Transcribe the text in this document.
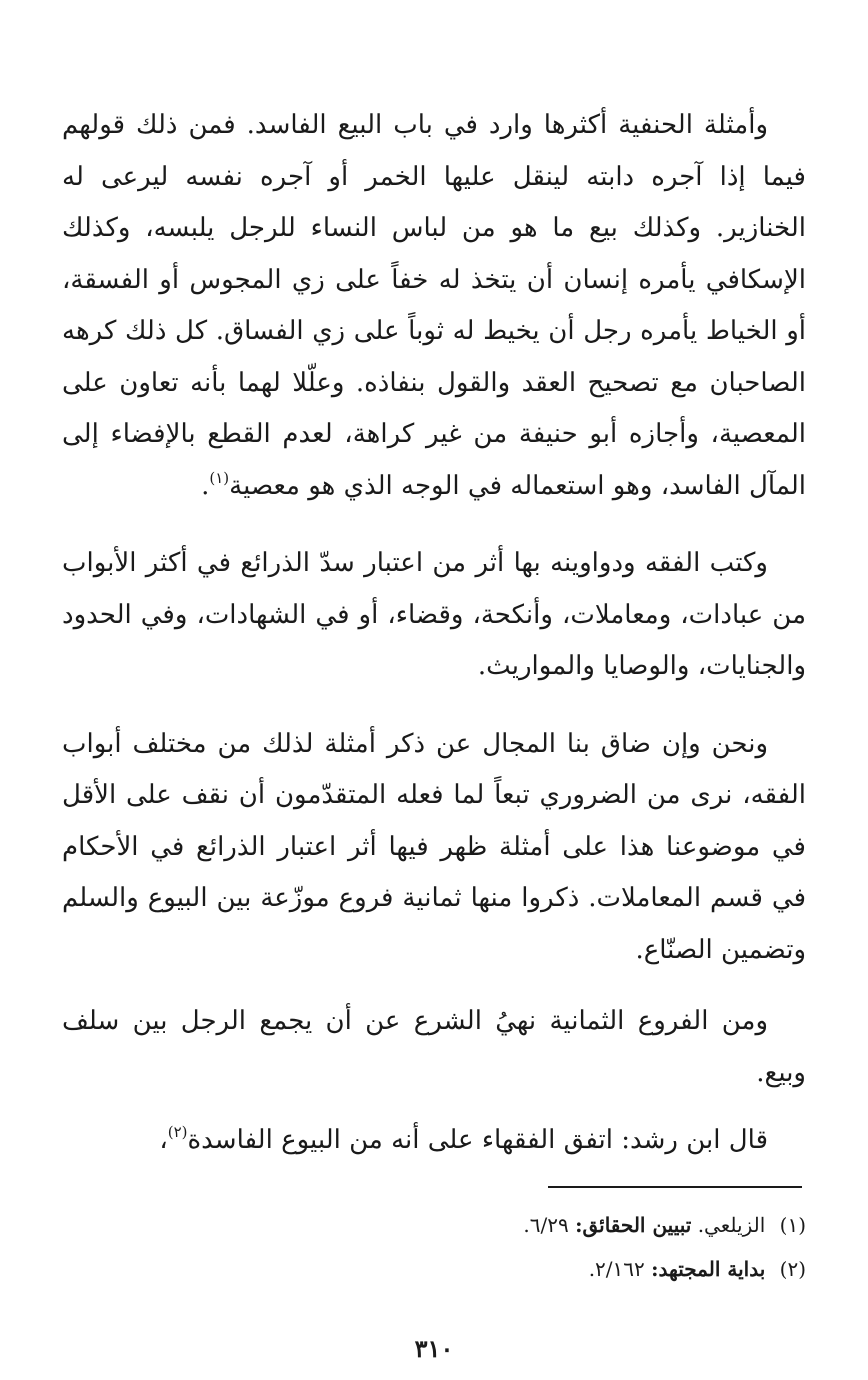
وأمثلة الحنفية أكثرها وارد في باب البيع الفاسد. فمن ذلك قولهم فيما إذا آجره دابته لينقل عليها الخمر أو آجره نفسه ليرعى له الخنازير. وكذلك بيع ما هو من لباس النساء للرجل يلبسه، وكذلك الإسكافي يأمره إنسان أن يتخذ له خفاً على زي المجوس أو الفسقة، أو الخياط يأمره رجل أن يخيط له ثوباً على زي الفساق. كل ذلك كرهه الصاحبان مع تصحيح العقد والقول بنفاذه. وعلّلا لهما بأنه تعاون على المعصية، وأجازه أبو حنيفة من غير كراهة، لعدم القطع بالإفضاء إلى المآل الفاسد، وهو استعماله في الوجه الذي هو معصية$^{(١)}$.

وكتب الفقه ودواوينه بها أثر من اعتبار سدّ الذرائع في أكثر الأبواب من عبادات، ومعاملات، وأنكحة، وقضاء، أو في الشهادات، وفي الحدود والجنايات، والوصايا والمواريث.

ونحن وإن ضاق بنا المجال عن ذكر أمثلة لذلك من مختلف أبواب الفقه، نرى من الضروري تبعاً لما فعله المتقدّمون أن نقف على الأقل في موضوعنا هذا على أمثلة ظهر فيها أثر اعتبار الذرائع في الأحكام في قسم المعاملات. ذكروا منها ثمانية فروع موزّعة بين البيوع والسلم وتضمين الصنّاع.

ومن الفروع الثمانية نهيُ الشرع عن أن يجمع الرجل بين سلف وبيع.

قال ابن رشد: اتفق الفقهاء على أنه من البيوع الفاسدة$^{(٢)}$،

(١) الزيلعي. تبيين الحقائق: ٦/٢٩.

(٢) بداية المجتهد: ٢/١٦٢.

٣١٠
